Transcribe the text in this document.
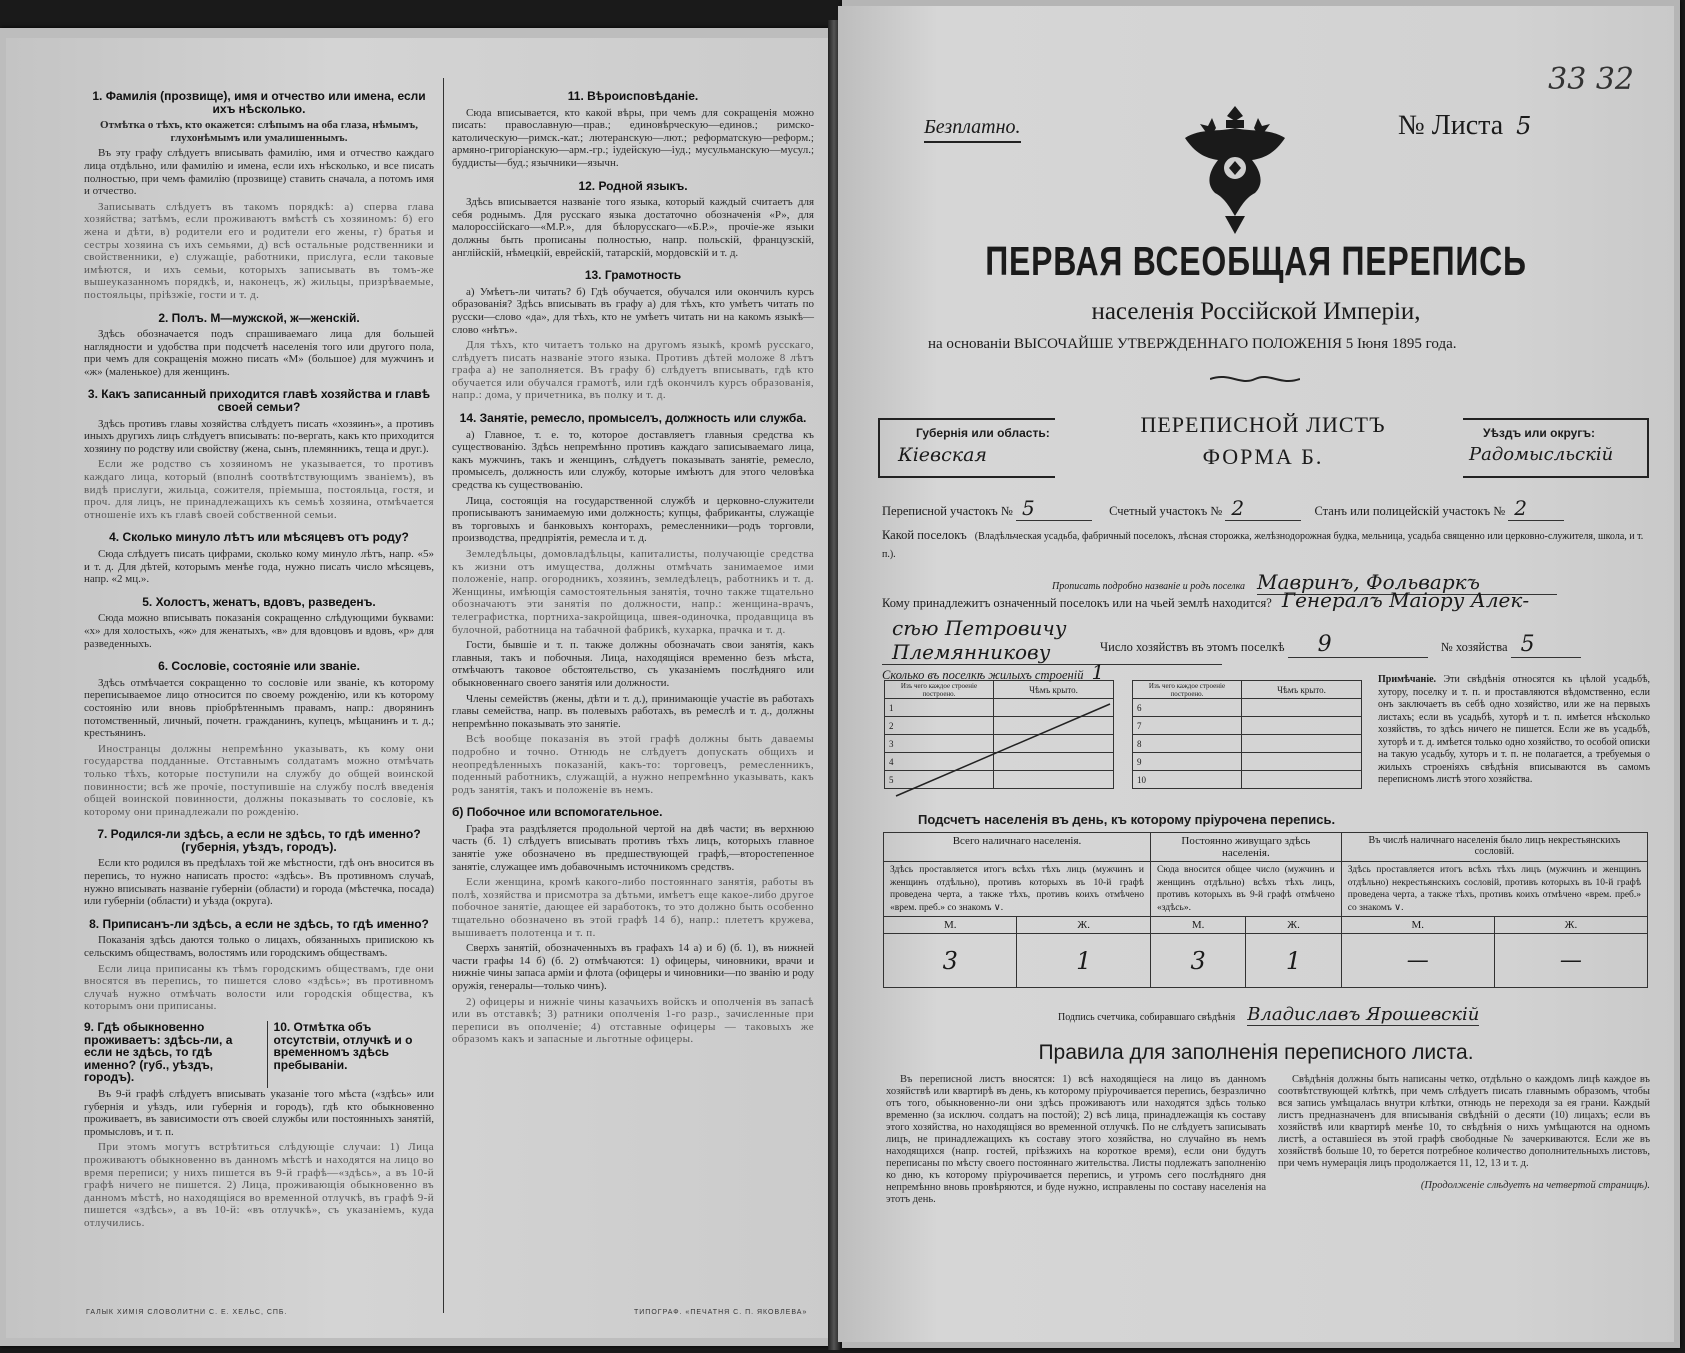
1. Фамилія (прозвище), имя и отчество или имена, если ихъ нѣсколько.

Отмѣтка о тѣхъ, кто окажется: слѣпымъ на оба глаза, нѣмымъ, глухонѣмымъ или умалишеннымъ.

Въ эту графу слѣдуетъ вписывать фамилію, имя и отчество каждаго лица отдѣльно, или фамилію и имена, если ихъ нѣсколько, и все писать полностью, при чемъ фамилію (прозвище) ставить сначала, а потомъ имя и отчество.

Записывать слѣдуетъ въ такомъ порядкѣ: а) сперва глава хозяйства; затѣмъ, если проживаютъ вмѣстѣ съ хозяиномъ: б) его жена и дѣти, в) родители его и родители его жены, г) братья и сестры хозяина съ ихъ семьями, д) всѣ остальные родственники и свойственники, е) служащіе, работники, прислуга, если таковые имѣются, и ихъ семьи, которыхъ записывать въ томъ-же вышеуказанномъ порядкѣ, и, наконецъ, ж) жильцы, призрѣваемые, постояльцы, пріѣзжіе, гости и т. д.

2. Полъ. М—мужской, ж—женскій.

Здѣсь обозначается подъ спрашиваемаго лица для большей наглядности и удобства при подсчетѣ населенія того или другого пола, при чемъ для сокращенія можно писать «М» (большое) для мужчинъ и «ж» (маленькое) для женщинъ.

3. Какъ записанный приходится главѣ хозяйства и главѣ своей семьи?

Здѣсь противъ главы хозяйства слѣдуетъ писать «хозяинъ», а противъ иныхъ другихъ лицъ слѣдуетъ вписывать: по-вергать, какъ кто приходится хозяину по родству или свойству (жена, сынъ, племянникъ, теща и друг.).

Если же родство съ хозяиномъ не указывается, то противъ каждаго лица, который (вполнѣ соотвѣтствующимъ званіемъ), въ видѣ прислуги, жильца, сожителя, пріемыша, постояльца, гостя, и проч. для лицъ, не принадлежащихъ къ семьѣ хозяина, отмѣчается отношеніе ихъ къ главѣ своей собственной семьи.

4. Сколько минуло лѣтъ или мѣсяцевъ отъ роду?

Сюда слѣдуетъ писать цифрами, сколько кому минуло лѣтъ, напр. «5» и т. д. Для дѣтей, которымъ менѣе года, нужно писать число мѣсяцевъ, напр. «2 мц.».

5. Холостъ, женатъ, вдовъ, разведенъ.

Сюда можно вписывать показанія сокращенно слѣдующими буквами: «х» для холостыхъ, «ж» для женатыхъ, «в» для вдовцовъ и вдовъ, «р» для разведенныхъ.

6. Сословіе, состояніе или званіе.

Здѣсь отмѣчается сокращенно то сословіе или званіе, къ которому переписываемое лицо относится по своему рожденію, или къ которому состоянію или вновь пріобрѣтеннымъ правамъ, напр.: дворянинъ потомственный, личный, почетн. гражданинъ, купецъ, мѣщанинъ и т. д.; крестьянинъ.

Иностранцы должны непремѣнно указывать, къ кому они государства подданные. Отставнымъ солдатамъ можно отмѣчать только тѣхъ, которые поступили на службу до общей воинской повинности; всѣ же прочіе, поступившіе на службу послѣ введенія общей воинской повинности, должны показывать то сословіе, къ которому они принадлежали по рожденію.

7. Родился-ли здѣсь, а если не здѣсь, то гдѣ именно? (губернія, уѣздъ, городъ).

Если кто родился въ предѣлахъ той же мѣстности, гдѣ онъ вносится въ перепись, то нужно написать просто: «здѣсь». Въ противномъ случаѣ, нужно вписывать названіе губерніи (области) и города (мѣстечка, посада) или губерніи (области) и уѣзда (округа).

8. Приписанъ-ли здѣсь, а если не здѣсь, то гдѣ именно?

Показанія здѣсь даются только о лицахъ, обязанныхъ припискою къ сельскимъ обществамъ, волостямъ или городскимъ обществамъ.

Если лица приписаны къ тѣмъ городскимъ обществамъ, где они вносятся въ перепись, то пишется слово «здѣсь»; въ противномъ случаѣ нужно отмѣчать волости или городскія общества, къ которымъ они приписаны.

9. Гдѣ обыкновенно проживаетъ: здѣсь-ли, а если не здѣсь, то гдѣ именно? (губ., уѣздъ, городъ).
10. Отмѣтка объ отсутствіи, отлучкѣ и о временномъ здѣсь пребываніи.

Въ 9-й графѣ слѣдуетъ вписывать указаніе того мѣста («здѣсь» или губернія и уѣздъ, или губернія и городъ), гдѣ кто обыкновенно проживаетъ, въ зависимости отъ своей службы или постоянныхъ занятій, промысловъ, и т. п.

При этомъ могутъ встрѣтиться слѣдующіе случаи: 1) Лица проживаютъ обыкновенно въ данномъ мѣстѣ и находятся на лицо во время переписи; у нихъ пишется въ 9-й графѣ—«здѣсь», а въ 10-й графѣ ничего не пишется. 2) Лица, проживающія обыкновенно въ данномъ мѣстѣ, но находящіяся во временной отлучкѣ, въ графѣ 9-й пишется «здѣсь», а въ 10-й: «въ отлучкѣ», съ указаніемъ, куда отлучились.

11. Вѣроисповѣданіе.

Сюда вписывается, кто какой вѣры, при чемъ для сокращенія можно писать: православную—прав.; единовѣрческую—единов.; римско-католическую—римск.-кат.; лютеранскую—лют.; реформатскую—реформ.; армяно-григоріанскую—арм.-гр.; іудейскую—іуд.; мусульманскую—мусул.; буддисты—буд.; язычники—язычн.

12. Родной языкъ.

Здѣсь вписывается названіе того языка, который каждый считаетъ для себя роднымъ. Для русскаго языка достаточно обозначенія «Р», для малороссійскаго—«М.Р.», для бѣлорусскаго—«Б.Р.», прочіе-же языки должны быть прописаны полностью, напр. польскій, французскій, англійскій, нѣмецкій, еврейскій, татарскій, мордовскій и т. д.

13. Грамотность

а) Умѣетъ-ли читать? б) Гдѣ обучается, обучался или окончилъ курсъ образованія? Здѣсь вписывать въ графу а) для тѣхъ, кто умѣетъ читать по русски—слово «да», для тѣхъ, кто не умѣетъ читать ни на какомъ языкѣ—слово «нѣтъ».

Для тѣхъ, кто читаетъ только на другомъ языкѣ, кромѣ русскаго, слѣдуетъ писать названіе этого языка. Противъ дѣтей моложе 8 лѣтъ графа а) не заполняется. Въ графу б) слѣдуетъ вписывать, гдѣ кто обучается или обучался грамотѣ, или гдѣ окончилъ курсъ образованія, напр.: дома, у причетника, въ полку и т. д.

14. Занятіе, ремесло, промыселъ, должность или служба.

а) Главное, т. е. то, которое доставляетъ главныя средства къ существованію. Здѣсь непремѣнно противъ каждаго записываемаго лица, какъ мужчинъ, такъ и женщинъ, слѣдуетъ показывать занятіе, ремесло, промыселъ, должность или службу, которые имѣютъ для этого человѣка средства къ существованію.

Лица, состоящія на государственной службѣ и церковно-служители прописываютъ занимаемую ими должность; купцы, фабриканты, служащіе въ торговыхъ и банковыхъ конторахъ, ремесленники—родъ торговли, производства, предпріятія, ремесла и т. д.

Земледѣльцы, домовладѣльцы, капиталисты, получающіе средства къ жизни отъ имущества, должны отмѣчать занимаемое ими положеніе, напр. огородникъ, хозяинъ, земледѣлецъ, работникъ и т. д. Женщины, имѣющія самостоятельныя занятія, точно также тщательно обозначаютъ эти занятія по должности, напр.: женщина-врачъ, телеграфистка, портниха-закройщица, швея-одиночка, продавщица въ булочной, работница на табачной фабрикѣ, кухарка, прачка и т. д.

Гости, бывшіе и т. п. также должны обозначать свои занятія, какъ главныя, такъ и побочныя. Лица, находящіяся временно безъ мѣста, отмѣчаютъ таковое обстоятельство, съ указаніемъ послѣдняго или обыкновеннаго своего занятія или должности.

Члены семействъ (жены, дѣти и т. д.), принимающіе участіе въ работахъ главы семейства, напр. въ полевыхъ работахъ, въ ремеслѣ и т. д., должны непремѣнно показывать это занятіе.

Всѣ вообще показанія въ этой графѣ должны быть даваемы подробно и точно. Отнюдь не слѣдуетъ допускать общихъ и неопредѣленныхъ показаній, какъ-то: торговецъ, ремесленникъ, поденный работникъ, служащій, а нужно непремѣнно указывать, какъ родъ занятія, такъ и положеніе въ немъ.

б) Побочное или вспомогательное.

Графа эта раздѣляется продольной чертой на двѣ части; въ верхнюю часть (б. 1) слѣдуетъ вписывать противъ тѣхъ лицъ, которыхъ главное занятіе уже обозначено въ предшествующей графѣ,—второстепенное занятіе, служащее имъ добавочнымъ источникомъ средствъ.

Если женщина, кромѣ какого-либо постояннаго занятія, работы въ полѣ, хозяйства и присмотра за дѣтьми, имѣетъ еще какое-либо другое побочное занятіе, дающее ей заработокъ, то это должно быть особенно тщательно обозначено въ этой графѣ 14 б), напр.: плететъ кружева, вышиваетъ полотенца и т. п.

Сверхъ занятій, обозначенныхъ въ графахъ 14 а) и б) (б. 1), въ нижней части графы 14 б) (б. 2) отмѣчаются: 1) офицеры, чиновники, врачи и нижніе чины запаса арміи и флота (офицеры и чиновники—по званію и роду оружія, генералы—только чинъ).

2) офицеры и нижніе чины казачьихъ войскъ и ополченія въ запасѣ или въ отставкѣ; 3) ратники ополченія 1-го разр., зачисленные при переписи въ ополченіе; 4) отставные офицеры — таковыхъ же образомъ какъ и запасные и льготные офицеры.

ГАЛЫК ХИМІЯ СЛОВОЛИТНИ С. Е. ХЕЛЬС, СПБ.	ТИПОГРАФ. «ПЕЧАТНЯ С. П. ЯКОВЛЕВА»
33 32
Безплатно.	№ Листа 5
ПЕРВАЯ ВСЕОБЩАЯ ПЕРЕПИСЬ
населенія Россійской Имперіи,
на основаніи ВЫСОЧАЙШЕ УТВЕРЖДЕННАГО ПОЛОЖЕНІЯ 5 Іюня 1895 года.
Губернія или область:
Кіевская
ПЕРЕПИСНОЙ ЛИСТЪ
ФОРМА Б.
Уѣздъ или округъ:
Радомысльскій
Переписной участокъ № 5	Счетный участокъ № 2	Станъ или полицейскій участокъ № 2
Какой поселокъ (Владѣльческая усадьба, фабричный поселокъ, лѣсная сторожка, желѣзнодорожная будка, мельница, усадьба священно или церковно-служителя, школа, и т. п.).
Прописать подробно названіе и родъ поселка Мавринъ, Фольваркъ
Кому принадлежитъ означенный поселокъ или на чьей землѣ находится? Генералъ Маіору Алек-
сѣю Петровичу Племянникову	Число хозяйствъ въ этомъ поселкѣ 9	№ хозяйства 5
Сколько въ поселкѣ жилыхъ строеній 1
Изъ чего каждое строеніе построено.	Чѣмъ крыто.
1	
2	
3	
4	
5	
Изъ чего каждое строеніе построено.	Чѣмъ крыто.
6	
7	
8	
9	
10	
Примѣчаніе. Эти свѣдѣнія относятся къ цѣлой усадьбѣ, хутору, поселку и т. п. и проставляются вѣдомственно, если онъ заключаетъ въ себѣ одно хозяйство, или же на первыхъ листахъ; если въ усадьбѣ, хуторѣ и т. п. имѣется нѣсколько хозяйствъ, то здѣсь ничего не пишется. Если же въ усадьбѣ, хуторѣ и т. д. имѣется только одно хозяйство, то особой описки на такую усадьбу, хуторъ и т. п. не полагается, а требуемыя о жилыхъ строеніяхъ свѣдѣнія вписываются въ самомъ переписномъ листѣ этого хозяйства.
Подсчетъ населенія въ день, къ которому пріурочена перепись.
Всего наличнаго населенія.		Постоянно живущаго здѣсь населенія.		Въ числѣ наличнаго населенія было лицъ некрестьянскихъ сословій.	
Здѣсь проставляется итогъ всѣхъ тѣхъ лицъ (мужчинъ и женщинъ отдѣльно), противъ которыхъ въ 10-й графѣ проведена черта, а также тѣхъ, противъ коихъ отмѣчено «врем. преб.» со знакомъ ∨.		Сюда вносится общее число (мужчинъ и женщинъ отдѣльно) всѣхъ тѣхъ лицъ, противъ которыхъ въ 9-й графѣ отмѣчено «здѣсь».		Здѣсь проставляется итогъ всѣхъ тѣхъ лицъ (мужчинъ и женщинъ отдѣльно) некрестьянскихъ сословій, противъ которыхъ въ 10-й графѣ проведена черта, а также тѣхъ, противъ коихъ отмѣчено «врем. преб.» со знакомъ ∨.	
М.	Ж.	М.	Ж.	М.	Ж.
3	1	3	1	—	—
Подпись счетчика, собиравшаго свѣдѣнія Владиславъ Ярошевскій
Правила для заполненія переписного листа.

Въ переписной листъ вносятся: 1) всѣ находящіеся на лицо въ данномъ хозяйствѣ или квартирѣ въ день, къ которому пріурочивается перепись, безразлично отъ того, обыкновенно-ли они здѣсь проживаютъ или находятся здѣсь только временно (за исключ. солдатъ на постой); 2) всѣ лица, принадлежащія къ составу этого хозяйства, но находящіяся во временной отлучкѣ. По не слѣдуетъ записывать лицъ, не принадлежащихъ къ составу этого хозяйства, но случайно въ немъ находящихся (напр. гостей, пріѣзжихъ на короткое время), если они будутъ переписаны по мѣсту своего постояннаго жительства. Листы подлежатъ заполненію ко дню, къ которому пріурочивается перепись, и утромъ сего послѣдняго дня непремѣнно вновь провѣряются, и буде нужно, исправлены по составу населенія на этотъ день.

Свѣдѣнія должны быть написаны четко, отдѣльно о каждомъ лицѣ каждое въ соотвѣтствующей клѣткѣ, при чемъ слѣдуетъ писать главнымъ образомъ, чтобы вся запись умѣщалась внутри клѣтки, отнюдь не переходя за ея грани. Каждый листъ предназначенъ для вписыванія свѣдѣній о десяти (10) лицахъ; если въ хозяйствѣ или квартирѣ менѣе 10, то свѣдѣнія о нихъ умѣщаются на одномъ листѣ, а оставшіеся въ этой графѣ свободные № зачеркиваются. Если же въ хозяйствѣ больше 10, то берется потребное количество дополнительныхъ листовъ, при чемъ нумерація лицъ продолжается 11, 12, 13 и т. д.

(Продолженіе слѣдуетъ на четвертой страницѣ).
